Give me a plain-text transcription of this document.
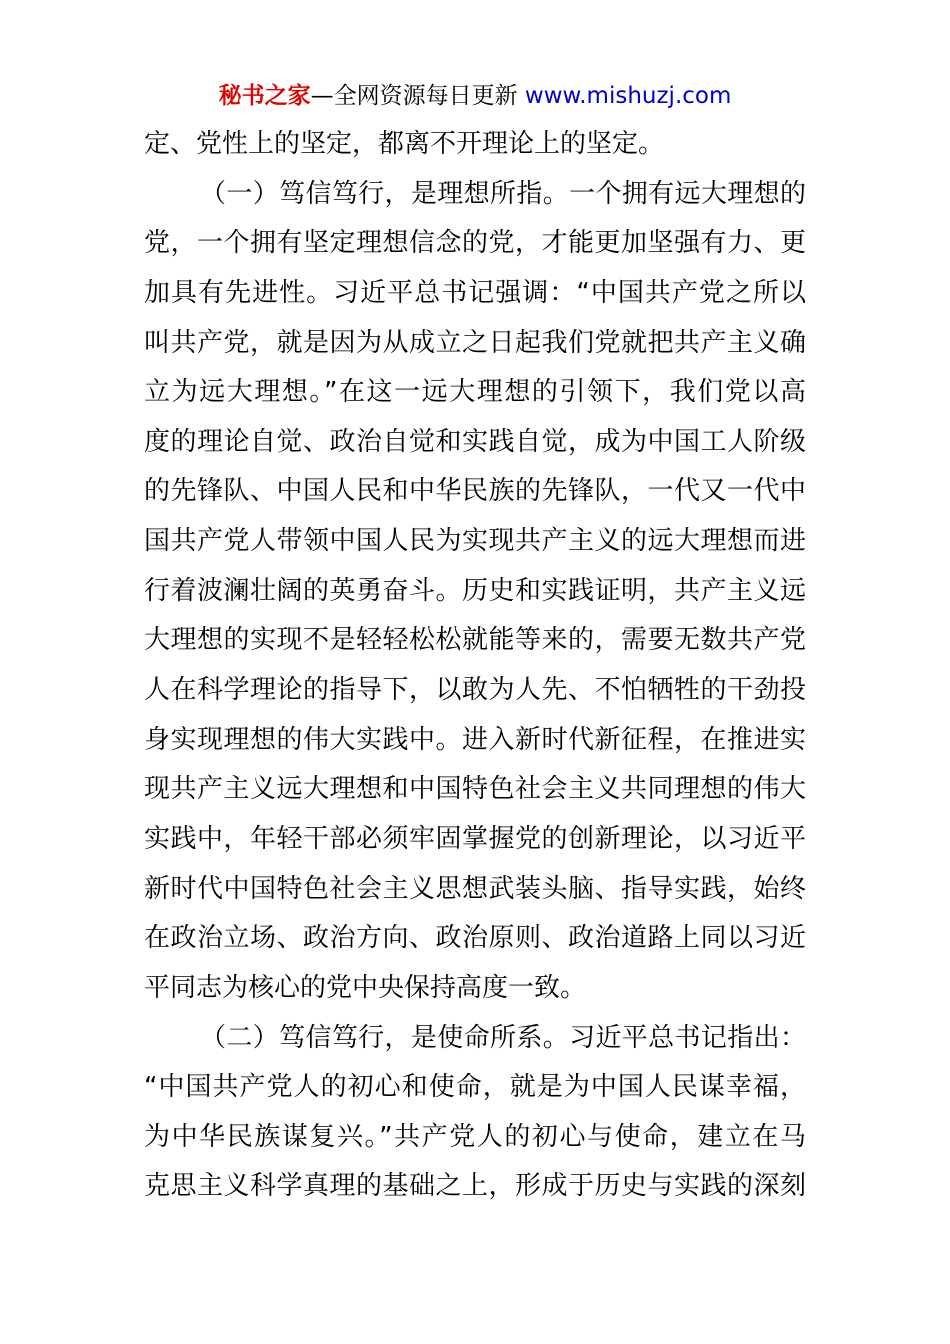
秘书之家—全网资源每日更新 www.mishuzj.com
定、党性上的坚定，都离不开理论上的坚定。
（一）笃信笃行，是理想所指。一个拥有远大理想的
党，一个拥有坚定理想信念的党，才能更加坚强有力、更
加具有先进性。习近平总书记强调：“中国共产党之所以
叫共产党，就是因为从成立之日起我们党就把共产主义确
立为远大理想。”在这一远大理想的引领下，我们党以高
度的理论自觉、政治自觉和实践自觉，成为中国工人阶级
的先锋队、中国人民和中华民族的先锋队，一代又一代中
国共产党人带领中国人民为实现共产主义的远大理想而进
行着波澜壮阔的英勇奋斗。历史和实践证明，共产主义远
大理想的实现不是轻轻松松就能等来的，需要无数共产党
人在科学理论的指导下，以敢为人先、不怕牺牲的干劲投
身实现理想的伟大实践中。进入新时代新征程，在推进实
现共产主义远大理想和中国特色社会主义共同理想的伟大
实践中，年轻干部必须牢固掌握党的创新理论，以习近平
新时代中国特色社会主义思想武装头脑、指导实践，始终
在政治立场、政治方向、政治原则、政治道路上同以习近
平同志为核心的党中央保持高度一致。
（二）笃信笃行，是使命所系。习近平总书记指出：
“中国共产党人的初心和使命，就是为中国人民谋幸福，
为中华民族谋复兴。”共产党人的初心与使命，建立在马
克思主义科学真理的基础之上，形成于历史与实践的深刻
